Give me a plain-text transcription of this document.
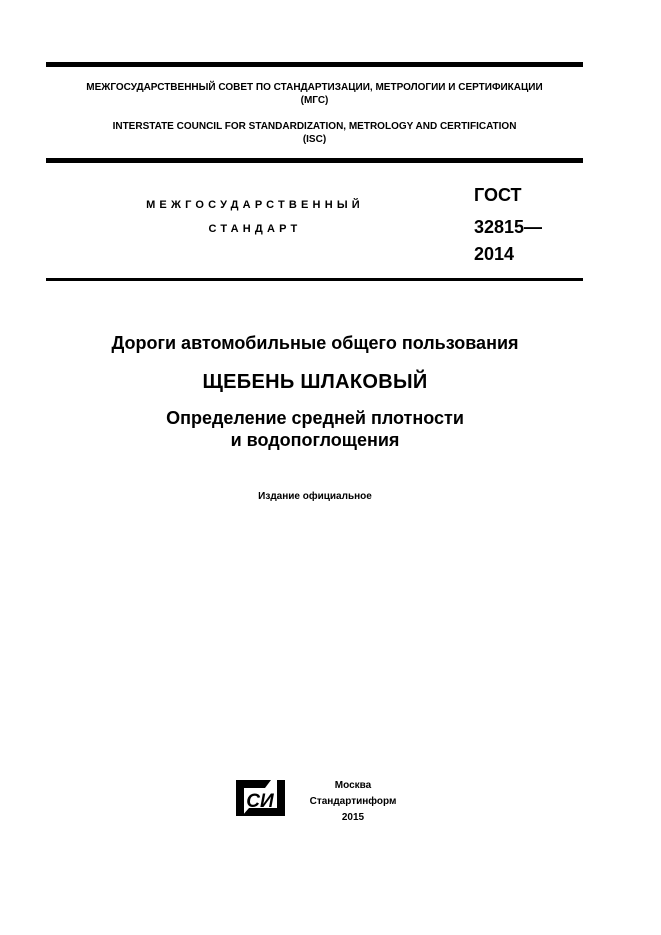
МЕЖГОСУДАРСТВЕННЫЙ СОВЕТ ПО СТАНДАРТИЗАЦИИ, МЕТРОЛОГИИ И СЕРТИФИКАЦИИ
(МГС)
INTERSTATE COUNCIL FOR STANDARDIZATION, METROLOGY AND CERTIFICATION
(ISC)
МЕЖГОСУДАРСТВЕННЫЙ
СТАНДАРТ
ГОСТ
32815—
2014
Дороги автомобильные общего пользования
ЩЕБЕНЬ ШЛАКОВЫЙ
Определение средней плотности
и водопоглощения
Издание официальное
СИ
Москва
Стандартинформ
2015
